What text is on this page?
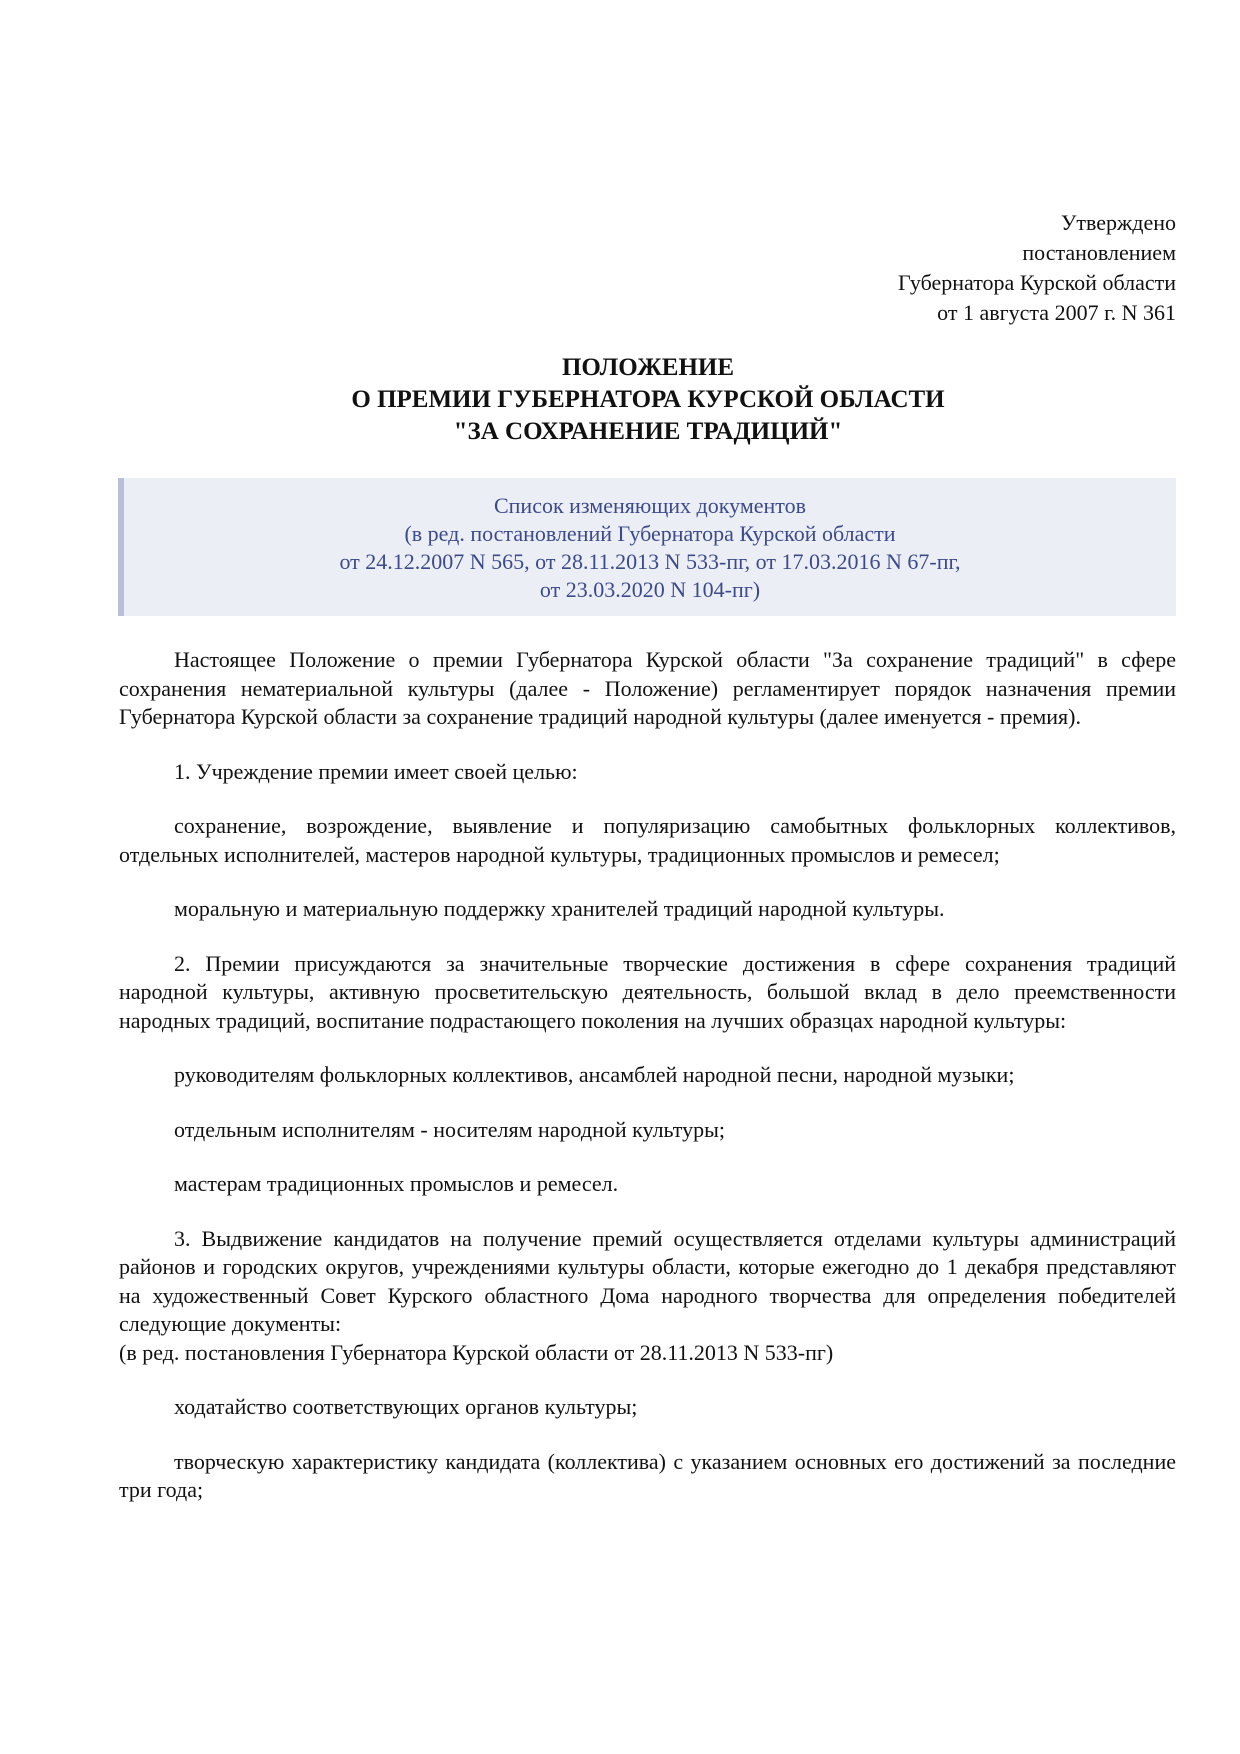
Утверждено
постановлением
Губернатора Курской области
от 1 августа 2007 г. N 361
ПОЛОЖЕНИЕ
О ПРЕМИИ ГУБЕРНАТОРА КУРСКОЙ ОБЛАСТИ
"ЗА СОХРАНЕНИЕ ТРАДИЦИЙ"
Список изменяющих документов
(в ред. постановлений Губернатора Курской области
от 24.12.2007 N 565, от 28.11.2013 N 533-пг, от 17.03.2016 N 67-пг,
от 23.03.2020 N 104-пг)

Настоящее Положение о премии Губернатора Курской области "За сохранение традиций" в сфере сохранения нематериальной культуры (далее - Положение) регламентирует порядок назначения премии Губернатора Курской области за сохранение традиций народной культуры (далее именуется - премия).

1. Учреждение премии имеет своей целью:

сохранение, возрождение, выявление и популяризацию самобытных фольклорных коллективов, отдельных исполнителей, мастеров народной культуры, традиционных промыслов и ремесел;

моральную и материальную поддержку хранителей традиций народной культуры.

2. Премии присуждаются за значительные творческие достижения в сфере сохранения традиций народной культуры, активную просветительскую деятельность, большой вклад в дело преемственности народных традиций, воспитание подрастающего поколения на лучших образцах народной культуры:

руководителям фольклорных коллективов, ансамблей народной песни, народной музыки;

отдельным исполнителям - носителям народной культуры;

мастерам традиционных промыслов и ремесел.

3. Выдвижение кандидатов на получение премий осуществляется отделами культуры администраций районов и городских округов, учреждениями культуры области, которые ежегодно до 1 декабря представляют на художественный Совет Курского областного Дома народного творчества для определения победителей следующие документы:

(в ред. постановления Губернатора Курской области от 28.11.2013 N 533-пг)

ходатайство соответствующих органов культуры;

творческую характеристику кандидата (коллектива) с указанием основных его достижений за последние три года;
